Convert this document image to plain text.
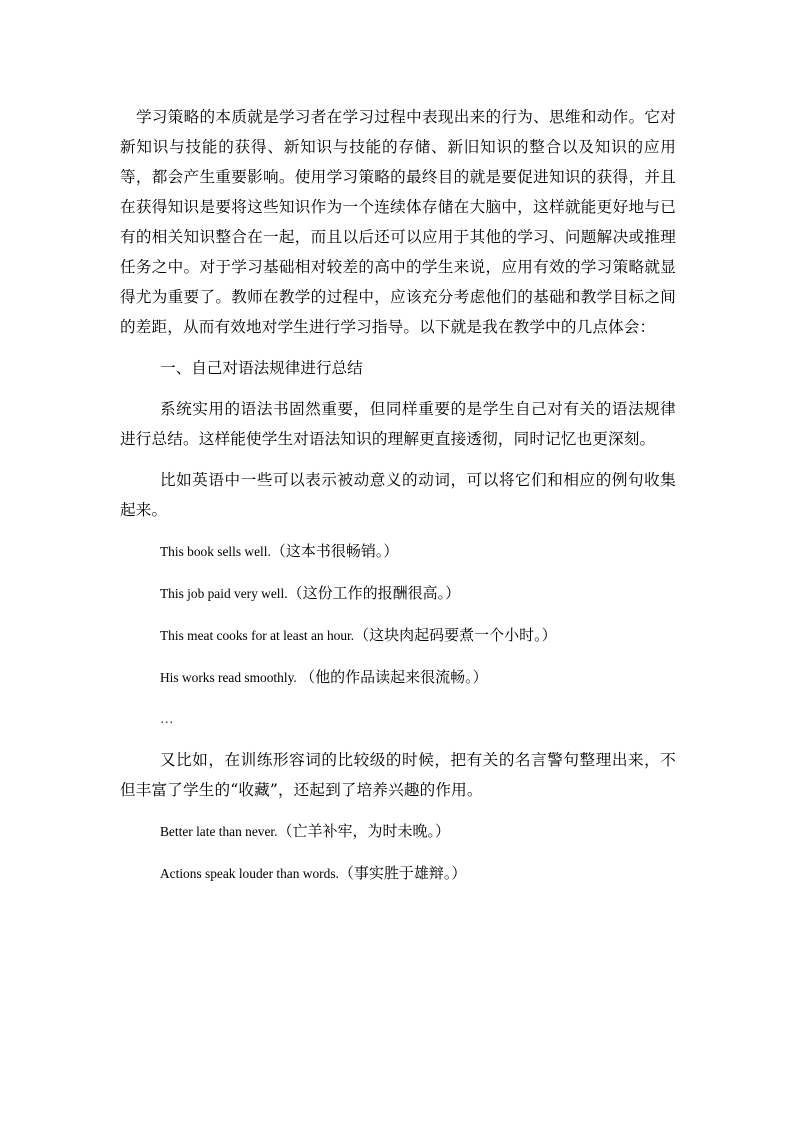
学习策略的本质就是学习者在学习过程中表现出来的行为、思维和动作。它对新知识与技能的获得、新知识与技能的存储、新旧知识的整合以及知识的应用等，都会产生重要影响。使用学习策略的最终目的就是要促进知识的获得，并且在获得知识是要将这些知识作为一个连续体存储在大脑中，这样就能更好地与已有的相关知识整合在一起，而且以后还可以应用于其他的学习、问题解决或推理任务之中。对于学习基础相对较差的高中的学生来说，应用有效的学习策略就显得尤为重要了。教师在教学的过程中，应该充分考虑他们的基础和教学目标之间的差距，从而有效地对学生进行学习指导。以下就是我在教学中的几点体会：

一、自己对语法规律进行总结

系统实用的语法书固然重要，但同样重要的是学生自己对有关的语法规律进行总结。这样能使学生对语法知识的理解更直接透彻，同时记忆也更深刻。

比如英语中一些可以表示被动意义的动词，可以将它们和相应的例句收集起来。

This book sells well.（这本书很畅销。）

This job paid very well.（这份工作的报酬很高。）

This meat cooks for at least an hour.（这块肉起码要煮一个小时。）

His works read smoothly. （他的作品读起来很流畅。）

…

又比如，在训练形容词的比较级的时候，把有关的名言警句整理出来，不但丰富了学生的“收藏”，还起到了培养兴趣的作用。

Better late than never.（亡羊补牢，为时未晚。）

Actions speak louder than words.（事实胜于雄辩。）
